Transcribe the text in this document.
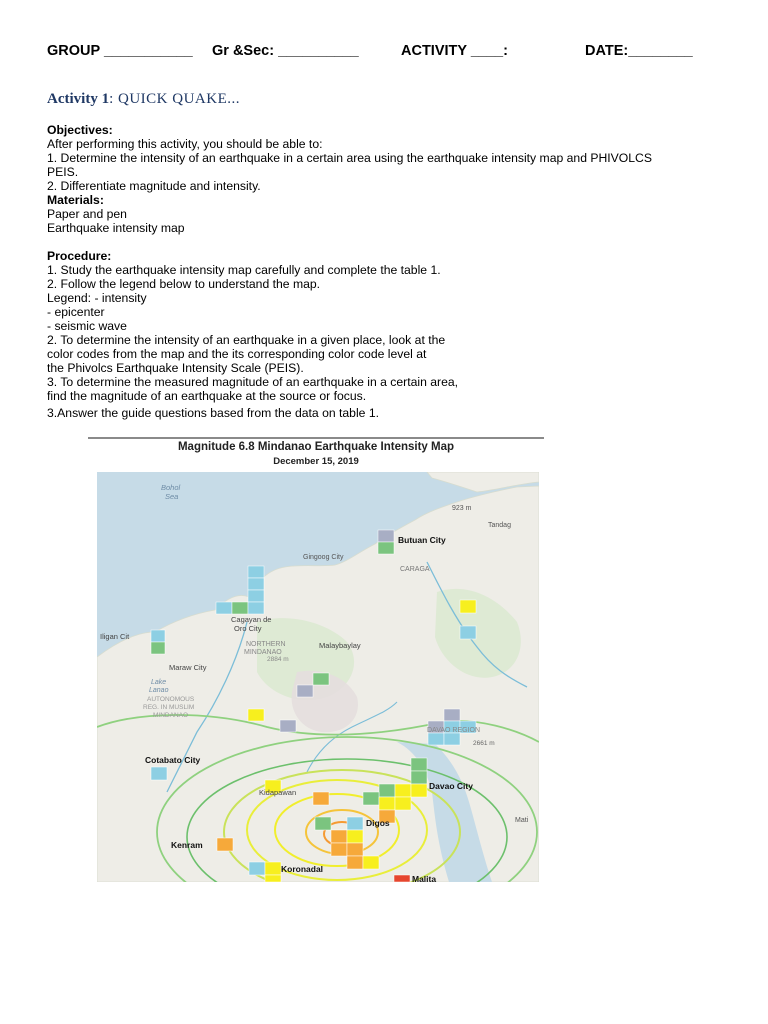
GROUP ___________ Gr &Sec: __________	ACTIVITY ____:	DATE:________
Activity 1: QUICK QUAKE...
Objectives:
After performing this activity, you should be able to:
1. Determine the intensity of an earthquake in a certain area using the earthquake intensity map and PHIVOLCS
PEIS.
2. Differentiate magnitude and intensity.
Materials:
Paper and pen
Earthquake intensity map
Procedure:
1. Study the earthquake intensity map carefully and complete the table 1.
2. Follow the legend below to understand the map.
Legend: - intensity
- epicenter
- seismic wave
2. To determine the intensity of an earthquake in a given place, look at the
color codes from the map and the its corresponding color code level at
the Phivolcs Earthquake Intensity Scale (PEIS).
3. To determine the measured magnitude of an earthquake in a certain area,
find the magnitude of an earthquake at the source or focus.
3.Answer the guide questions based from the data on table 1.
Magnitude 6.8 Mindanao Earthquake Intensity Map
December 15, 2019
Bohol
Sea
923 m
Tandag
Butuan City
Gingoog City
CARAGA
Iligan Cit
Cagayan de
Oro City
NORTHERN
MINDANAO
2884 m
Malaybaylay
Maraw City
Lake
Lanao
AUTONOMOUS
REG. IN MUSLIM
MINDANAO
DAVAO REGION
2661 m
Cotabato City
Kidapawan
Davao City
Mati
Digos
Kenram
Koronadal
Malita
